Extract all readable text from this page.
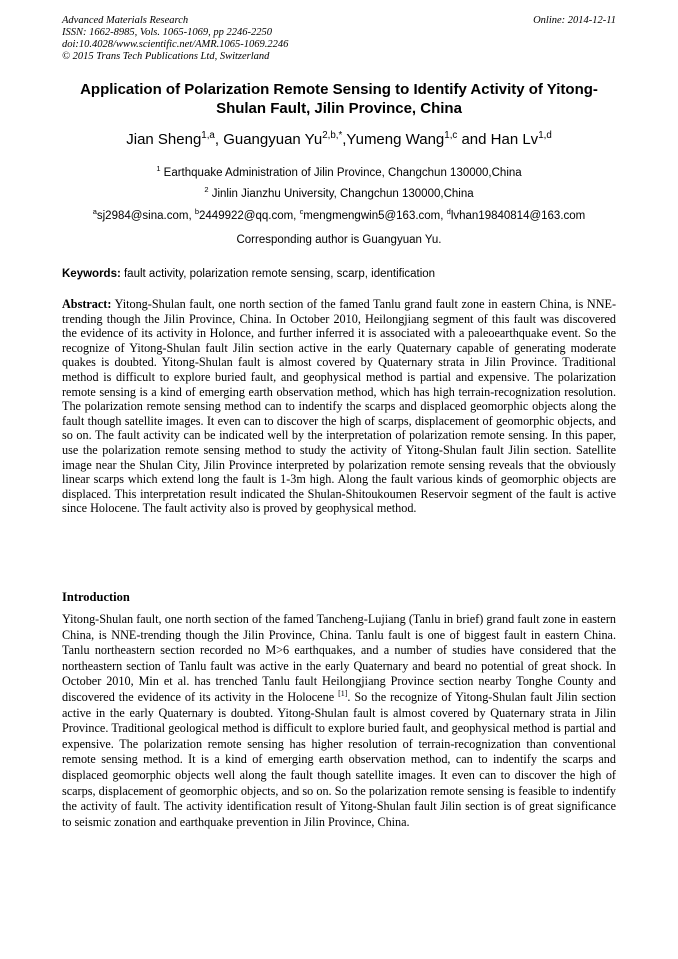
Advanced Materials Research
ISSN: 1662-8985, Vols. 1065-1069, pp 2246-2250
doi:10.4028/www.scientific.net/AMR.1065-1069.2246
© 2015 Trans Tech Publications Ltd, Switzerland
Online: 2014-12-11
Application of Polarization Remote Sensing to Identify Activity of Yitong-Shulan Fault, Jilin Province, China
Jian Sheng$^{1,a}$, Guangyuan $Yu^{2,b,*},Yumeng$ Wang$^{1,c}$ and Han Lv$^{1,d}$
$^1$ Earthquake Administration of Jilin Province, Changchun 130000,China
$^2$ Jinlin Jianzhu University, Changchun 130000,China
$^a$sj2984@sina.com, $^b$2449922@qq.com, $^c$mengmengwin5@163.com, $^d$lvhan19840814@163.com
Corresponding author is Guangyuan Yu.
Keywords: fault activity, polarization remote sensing, scarp, identification
Abstract: Yitong-Shulan fault, one north section of the famed Tanlu grand fault zone in eastern China, is NNE-trending though the Jilin Province, China. In October 2010, Heilongjiang segment of this fault was discovered the evidence of its activity in Holonce, and further inferred it is associated with a paleoearthquake event. So the recognize of Yitong-Shulan fault Jilin section active in the early Quaternary capable of generating moderate quakes is doubted. Yitong-Shulan fault is almost covered by Quaternary strata in Jilin Province. Traditional method is difficult to explore buried fault, and geophysical method is partial and expensive. The polarization remote sensing is a kind of emerging earth observation method, which has high terrain-recognization resolution. The polarization remote sensing method can to indentify the scarps and displaced geomorphic objects along the fault though satellite images. It even can to discover the high of scarps, displacement of geomorphic objects, and so on. The fault activity can be indicated well by the interpretation of polarization remote sensing. In this paper, use the polarization remote sensing method to study the activity of Yitong-Shulan fault Jilin section. Satellite image near the Shulan City, Jilin Province interpreted by polarization remote sensing reveals that the obviously linear scarps which extend long the fault is 1-3m high. Along the fault various kinds of geomorphic objects are displaced. This interpretation result indicated the Shulan-Shitoukoumen Reservoir segment of the fault is active since Holocene. The fault activity also is proved by geophysical method.
Introduction
Yitong-Shulan fault, one north section of the famed Tancheng-Lujiang (Tanlu in brief) grand fault zone in eastern China, is NNE-trending though the Jilin Province, China. Tanlu fault is one of biggest fault in eastern China. Tanlu northeastern section recorded no M>6 earthquakes, and a number of studies have considered that the northeastern section of Tanlu fault was active in the early Quaternary and beard no potential of great shock. In October 2010, Min et al. has trenched Tanlu fault Heilongjiang Province section nearby Tonghe County and discovered the evidence of its activity in the Holocene [1]. So the recognize of Yitong-Shulan fault Jilin section active in the early Quaternary is doubted. Yitong-Shulan fault is almost covered by Quaternary strata in Jilin Province. Traditional geological method is difficult to explore buried fault, and geophysical method is partial and expensive. The polarization remote sensing has higher resolution of terrain-recognization than conventional remote sensing method. It is a kind of emerging earth observation method, can to indentify the scarps and displaced geomorphic objects well along the fault though satellite images. It even can to discover the high of scarps, displacement of geomorphic objects, and so on. So the polarization remote sensing is feasible to indentify the activity of fault. The activity identification result of Yitong-Shulan fault Jilin section is of great significance to seismic zonation and earthquake prevention in Jilin Province, China.
